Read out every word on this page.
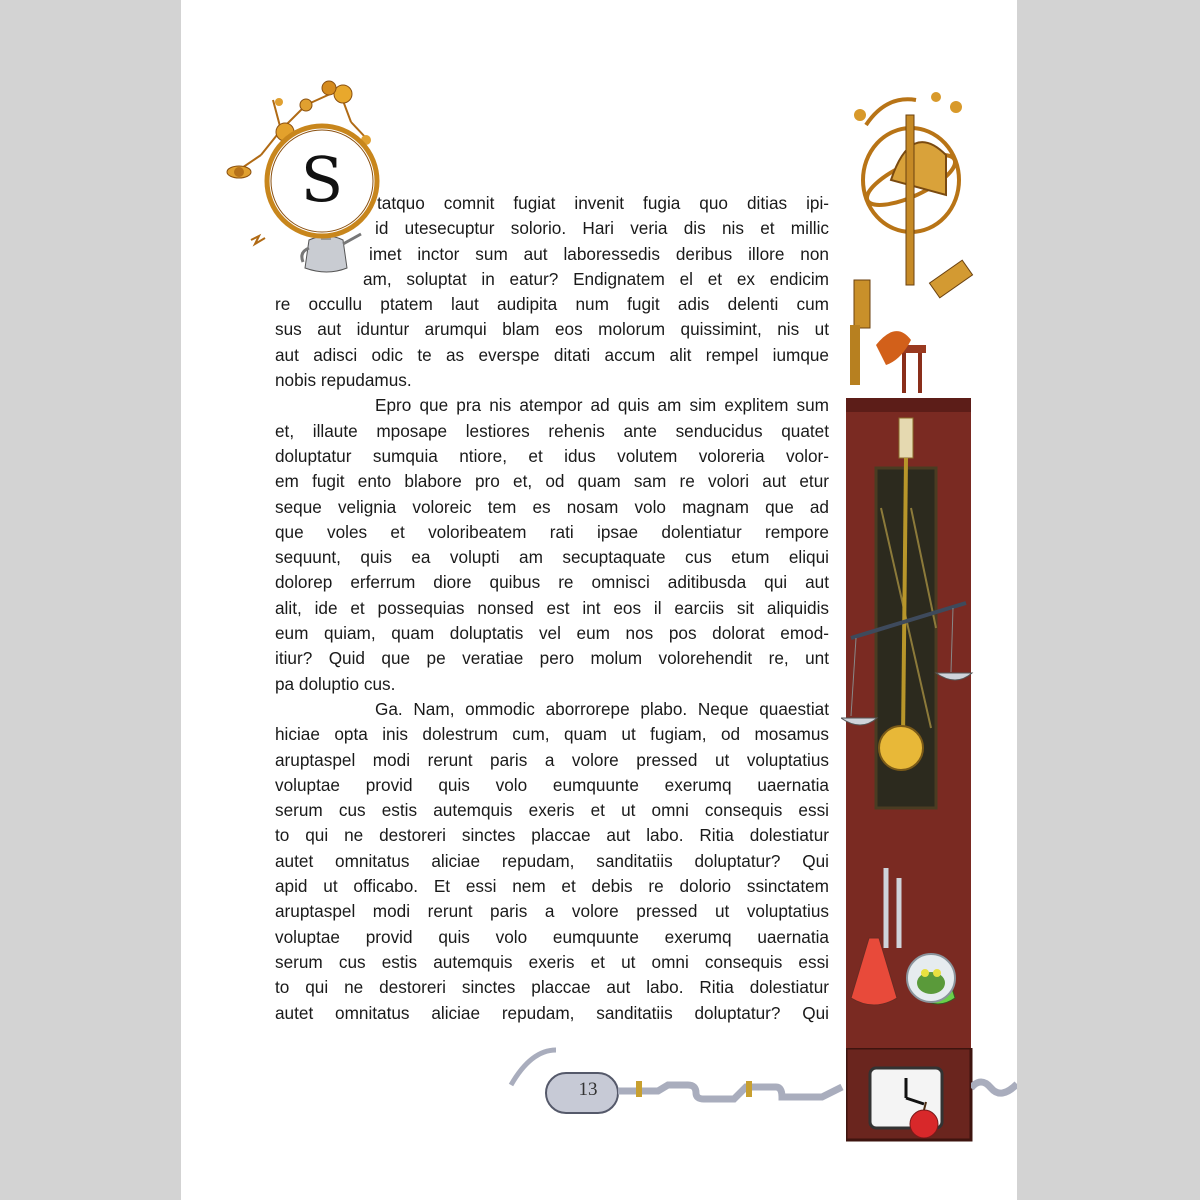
S	tatquo comnit fugiat invenit fugia quo ditias ipi-
id utesecuptur solorio. Hari veria dis nis et millic
imet inctor sum aut laboressedis deribus illore non
am, soluptat in eatur? Endignatem el et ex endicim
re occullu ptatem laut audipita num fugit adis delenti cum
sus aut iduntur arumqui blam eos molorum quissimint, nis ut
aut adisci odic te as everspe ditati accum alit rempel iumque
nobis repudamus.
Epro que pra nis atempor ad quis am sim explitem sum
et, illaute mposape lestiores rehenis ante senducidus quatet
doluptatur sumquia ntiore, et idus volutem voloreria volor-
em fugit ento blabore pro et, od quam sam re volori aut etur
seque velignia voloreic tem es nosam volo magnam que ad
que voles et voloribeatem rati ipsae dolentiatur rempore
sequunt, quis ea volupti am secuptaquate cus etum eliqui
dolorep erferrum diore quibus re omnisci aditibusda qui aut
alit, ide et possequias nonsed est int eos il earciis sit aliquidis
eum quiam, quam doluptatis vel eum nos pos dolorat emod-
itiur? Quid que pe veratiae pero molum volorehendit re, unt
pa doluptio cus.
Ga. Nam, ommodic aborrorepe plabo. Neque quaestiat
hiciae opta inis dolestrum cum, quam ut fugiam, od mosamus
aruptaspel modi rerunt paris a volore pressed ut voluptatius
voluptae provid quis volo eumquunte exerumq uaernatia
serum cus estis autemquis exeris et ut omni consequis essi
to qui ne destoreri sinctes placcae aut labo. Ritia dolestiatur
autet omnitatus aliciae repudam, sanditatiis doluptatur? Qui
apid ut officabo. Et essi nem et debis re dolorio ssinctatem
aruptaspel modi rerunt paris a volore pressed ut voluptatius
voluptae provid quis volo eumquunte exerumq uaernatia
serum cus estis autemquis exeris et ut omni consequis essi
to qui ne destoreri sinctes placcae aut labo. Ritia dolestiatur
autet omnitatus aliciae repudam, sanditatiis doluptatur? Qui
13
